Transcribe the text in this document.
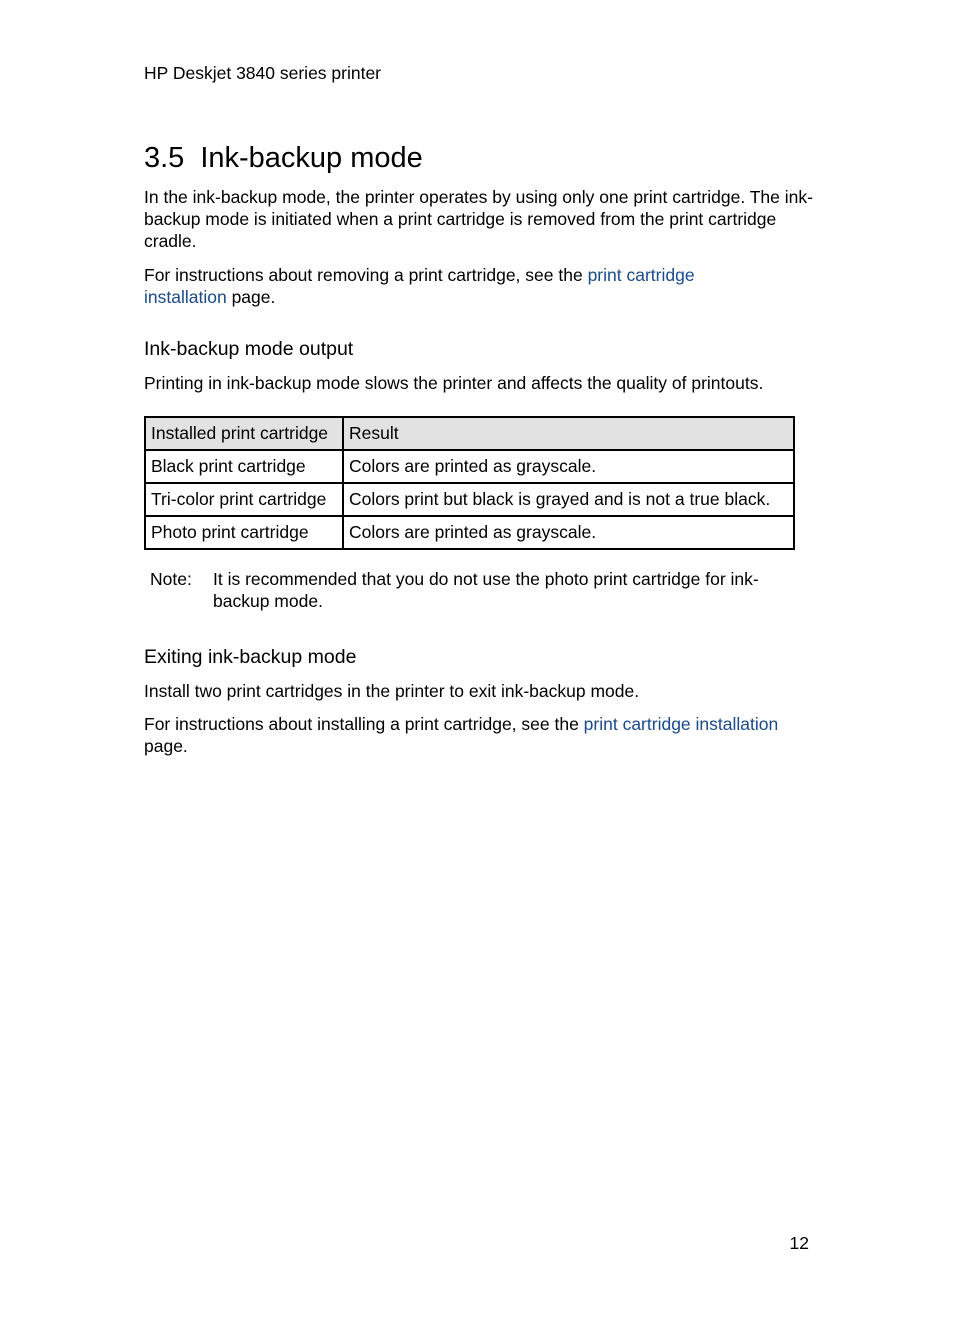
HP Deskjet 3840 series printer
3.5 Ink-backup mode

In the ink-backup mode, the printer operates by using only one print cartridge. The ink-backup mode is initiated when a print cartridge is removed from the print cartridge cradle.

For instructions about removing a print cartridge, see the print cartridge installation page.

Ink-backup mode output

Printing in ink-backup mode slows the printer and affects the quality of printouts.

Installed print cartridge	Result
Black print cartridge	Colors are printed as grayscale.
Tri-color print cartridge	Colors print but black is grayed and is not a true black.
Photo print cartridge	Colors are printed as grayscale.
Note: It is recommended that you do not use the photo print cartridge for ink-backup mode.
Exiting ink-backup mode

Install two print cartridges in the printer to exit ink-backup mode.

For instructions about installing a print cartridge, see the print cartridge installation page.

12
